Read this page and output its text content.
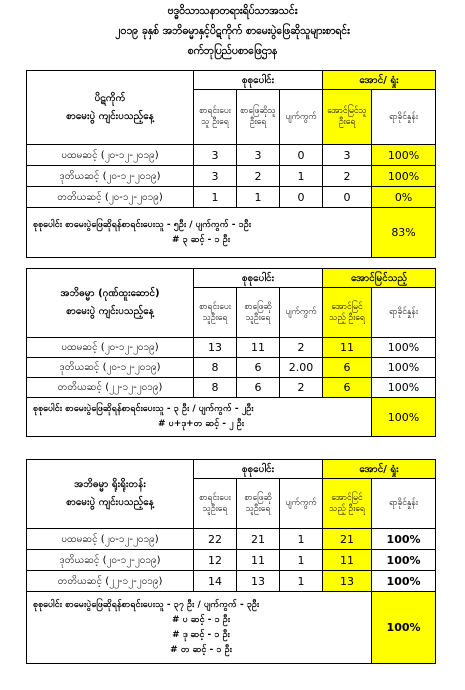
ဗဒ္ဓဝိသာသနာတရားရိပ်သာအသင်း
၂၀၁၉ ခုနှစ် အဘိဓမ္မာနှင့်ပိဋကိုက် စာမေးပွဲဖြေဆိုသူများစာရင်း
စက်ဘုပြည်ပစာဖြေဌာန
ပိဋကိုက်
စာမေးပွဲ ကျင်းပသည့်နေ့	စုစုပေါင်း			အောင်/ ရှုံး	
	စာရင်းပေးသူ ဦးရေ	စာဖြေဆိုသူ ဦးရေ	ပျက်ကွက်	အောင်မြင်သူ ဦးရေ	ရာခိုင်နှုန်း
ပထမဆင့် (၂၀-၁၂-၂၀၁၉)	3	3	0	3	100%
ဒုတိယဆင့် (၂၀-၁၂-၂၀၁၉)	3	2	1	2	100%
တတိယဆင့် (၂၀-၁၂-၂၀၁၉)	1	1	0	0	0%

စုစုပေါင်း စာမေးပွဲဖြေဆိုရန်စာရင်းပေးသူ - ၅ဦး / ပျက်ကွက် - ၁ဦး
# ၃ ဆင့် - ၁ ဦး					83%
အဘိဓမ္မာ (ဂုဏ်ထူးဆောင်)
စာမေးပွဲ ကျင်းပသည့်နေ့	စုစုပေါင်း			အောင်မြင်သည့်	
	စာရင်းပေး သူဦးရေ	စာဖြေဆို သူဦးရေ	ပျက်ကွက်	အောင်မြင် သည့် ဦးရေ	ရာခိုင်နှုန်း
ပထမဆင့် (၂၀-၁၂-၂၀၁၉)	13	11	2	11	100%
ဒုတိယဆင့် (၂၀-၁၂-၂၀၁၉)	8	6	2.00	6	100%
တတိယဆင့် (၂၂-၁၂-၂၀၁၉)	8	6	2	6	100%

စုစုပေါင်း စာမေးပွဲဖြေဆိုရန်စာရင်းပေးသူ - ၃ ဦး / ပျက်ကွက် - ၂ဦး
# ပ+ဒု+တ ဆင့် - ၂ ဦး					100%
အဘိဓမ္မာ ရိုးရိုးတန်း
စာမေးပွဲ ကျင်းပသည့်နေ့	စုစုပေါင်း			အောင်/ ရှုံး	
	စာရင်းပေး သူဦးရေ	စာဖြေဆို သူဦးရေ	ပျက်ကွက်	အောင်မြင် သည့် ဦးရေ	ရာခိုင်နှုန်း
ပထမဆင့် (၂၀-၁၂-၂၀၁၉)	22	21	1	21	100%
ဒုတိယဆင့် (၂၀-၁၂-၂၀၁၉)	12	11	1	11	100%
တတိယဆင့် (၂၂-၁၂-၂၀၁၉)	14	13	1	13	100%

စုစုပေါင်း စာမေးပွဲဖြေဆိုရန်စာရင်းပေးသူ - ၃၇ ဦး / ပျက်ကွက် - ၃ဦး
# ပ ဆင့် - ၁ ဦး
# ဒု ဆင့် - ၁ ဦး
# တ ဆင့် - ၁ ဦး					100%
